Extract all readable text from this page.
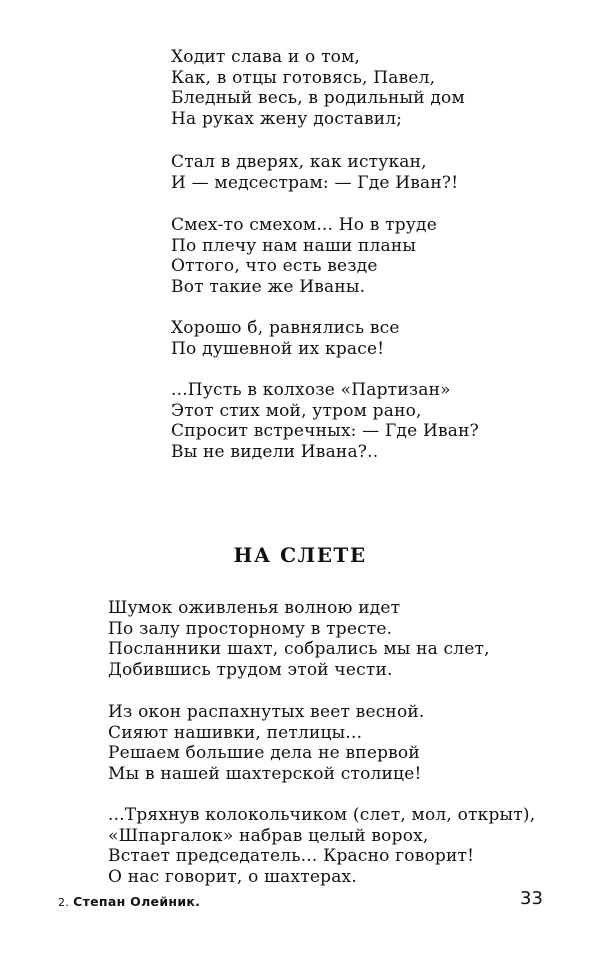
Ходит слава и о том,
Как, в отцы готовясь, Павел,
Бледный весь, в родильный дом
На руках жену доставил;
Стал в дверях, как истукан,
И — медсестрам: — Где Иван?!
Смех-то смехом... Но в труде
По плечу нам наши планы
Оттого, что есть везде
Вот такие же Иваны.
Хорошо б, равнялись все
По душевной их красе!
...Пусть в колхозе «Партизан»
Этот стих мой, утром рано,
Спросит встречных: — Где Иван?
Вы не видели Ивана?..
НА СЛЕТЕ
Шумок оживленья волною идет
По залу просторному в тресте.
Посланники шахт, собрались мы на слет,
Добившись трудом этой чести.
Из окон распахнутых веет весной.
Сияют нашивки, петлицы...
Решаем большие дела не впервой
Мы в нашей шахтерской столице!
...Тряхнув колокольчиком (слет, мол, открыт),
«Шпаргалок» набрав целый ворох,
Встает председатель... Красно говорит!
О нас говорит, о шахтерах.
2. Степан Олейник.	33
